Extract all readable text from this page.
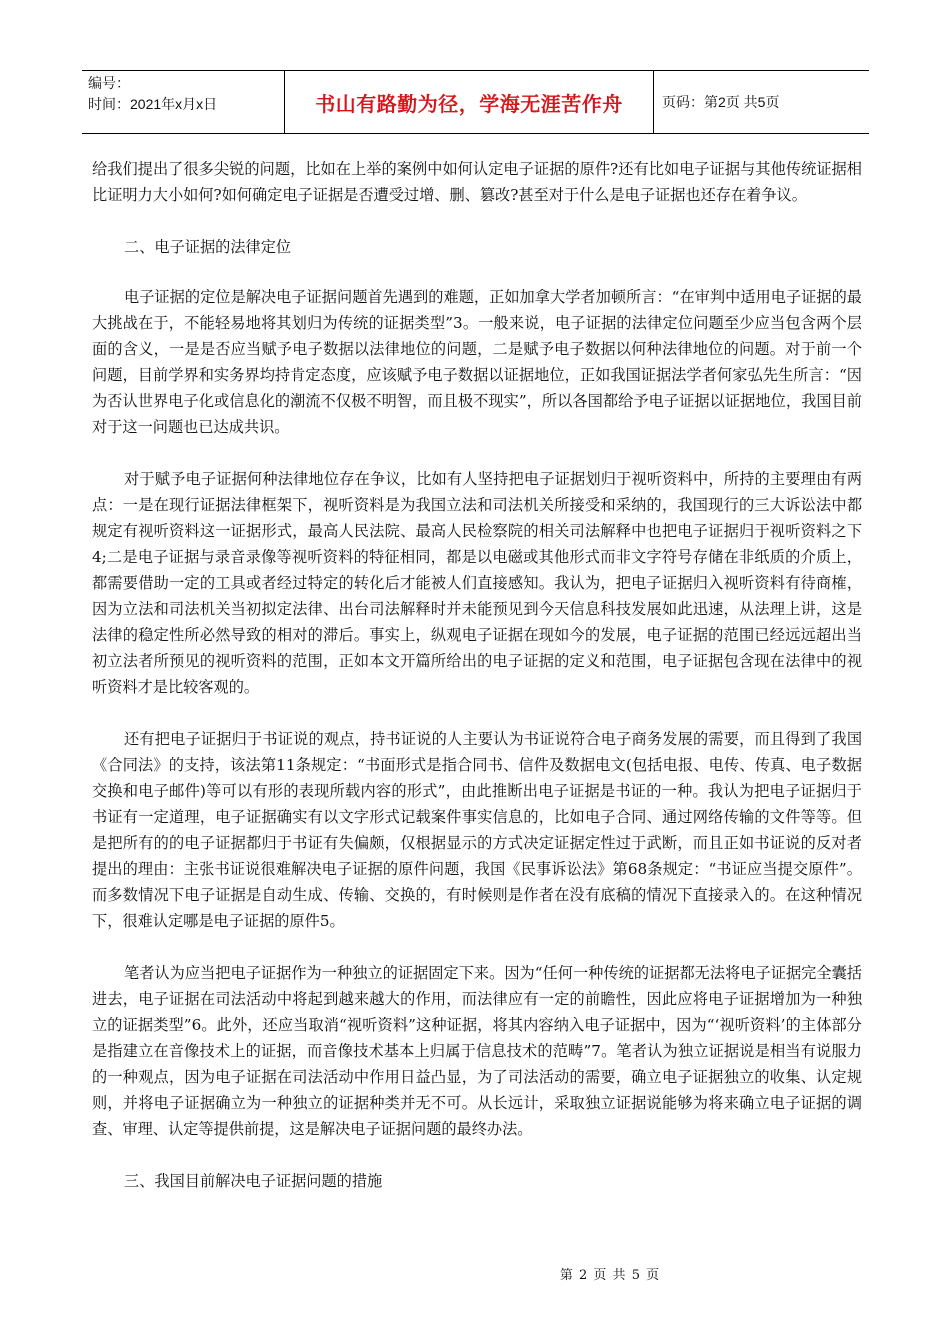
编号：
时间：2021年x月x日	书山有路勤为径，学海无涯苦作舟	页码：第2页 共5页

给我们提出了很多尖锐的问题，比如在上举的案例中如何认定电子证据的原件?还有比如电子证据与其他传统证据相比证明力大小如何?如何确定电子证据是否遭受过增、删、篡改?甚至对于什么是电子证据也还存在着争议。

二、电子证据的法律定位

电子证据的定位是解决电子证据问题首先遇到的难题，正如加拿大学者加顿所言：“在审判中适用电子证据的最大挑战在于，不能轻易地将其划归为传统的证据类型”3。一般来说，电子证据的法律定位问题至少应当包含两个层面的含义，一是是否应当赋予电子数据以法律地位的问题，二是赋予电子数据以何种法律地位的问题。对于前一个问题，目前学界和实务界均持肯定态度，应该赋予电子数据以证据地位，正如我国证据法学者何家弘先生所言：“因为否认世界电子化或信息化的潮流不仅极不明智，而且极不现实”，所以各国都给予电子证据以证据地位，我国目前对于这一问题也已达成共识。

对于赋予电子证据何种法律地位存在争议，比如有人坚持把电子证据划归于视听资料中，所持的主要理由有两点：一是在现行证据法律框架下，视听资料是为我国立法和司法机关所接受和采纳的，我国现行的三大诉讼法中都规定有视听资料这一证据形式，最高人民法院、最高人民检察院的相关司法解释中也把电子证据归于视听资料之下4;二是电子证据与录音录像等视听资料的特征相同，都是以电磁或其他形式而非文字符号存储在非纸质的介质上，都需要借助一定的工具或者经过特定的转化后才能被人们直接感知。我认为，把电子证据归入视听资料有待商榷，因为立法和司法机关当初拟定法律、出台司法解释时并未能预见到今天信息科技发展如此迅速，从法理上讲，这是法律的稳定性所必然导致的相对的滞后。事实上，纵观电子证据在现如今的发展，电子证据的范围已经远远超出当初立法者所预见的视听资料的范围，正如本文开篇所给出的电子证据的定义和范围，电子证据包含现在法律中的视听资料才是比较客观的。

还有把电子证据归于书证说的观点，持书证说的人主要认为书证说符合电子商务发展的需要，而且得到了我国《合同法》的支持，该法第11条规定：“书面形式是指合同书、信件及数据电文(包括电报、电传、传真、电子数据交换和电子邮件)等可以有形的表现所载内容的形式”，由此推断出电子证据是书证的一种。我认为把电子证据归于书证有一定道理，电子证据确实有以文字形式记载案件事实信息的，比如电子合同、通过网络传输的文件等等。但是把所有的的电子证据都归于书证有失偏颇，仅根据显示的方式决定证据定性过于武断，而且正如书证说的反对者提出的理由：主张书证说很难解决电子证据的原件问题，我国《民事诉讼法》第68条规定：“书证应当提交原件”。而多数情况下电子证据是自动生成、传输、交换的，有时候则是作者在没有底稿的情况下直接录入的。在这种情况下，很难认定哪是电子证据的原件5。

笔者认为应当把电子证据作为一种独立的证据固定下来。因为“任何一种传统的证据都无法将电子证据完全囊括进去，电子证据在司法活动中将起到越来越大的作用，而法律应有一定的前瞻性，因此应将电子证据增加为一种独立的证据类型”6。此外，还应当取消“视听资料”这种证据，将其内容纳入电子证据中，因为“‘视听资料’的主体部分是指建立在音像技术上的证据，而音像技术基本上归属于信息技术的范畴”7。笔者认为独立证据说是相当有说服力的一种观点，因为电子证据在司法活动中作用日益凸显，为了司法活动的需要，确立电子证据独立的收集、认定规则，并将电子证据确立为一种独立的证据种类并无不可。从长远计，采取独立证据说能够为将来确立电子证据的调查、审理、认定等提供前提，这是解决电子证据问题的最终办法。

三、我国目前解决电子证据问题的措施

第 2 页 共 5 页
